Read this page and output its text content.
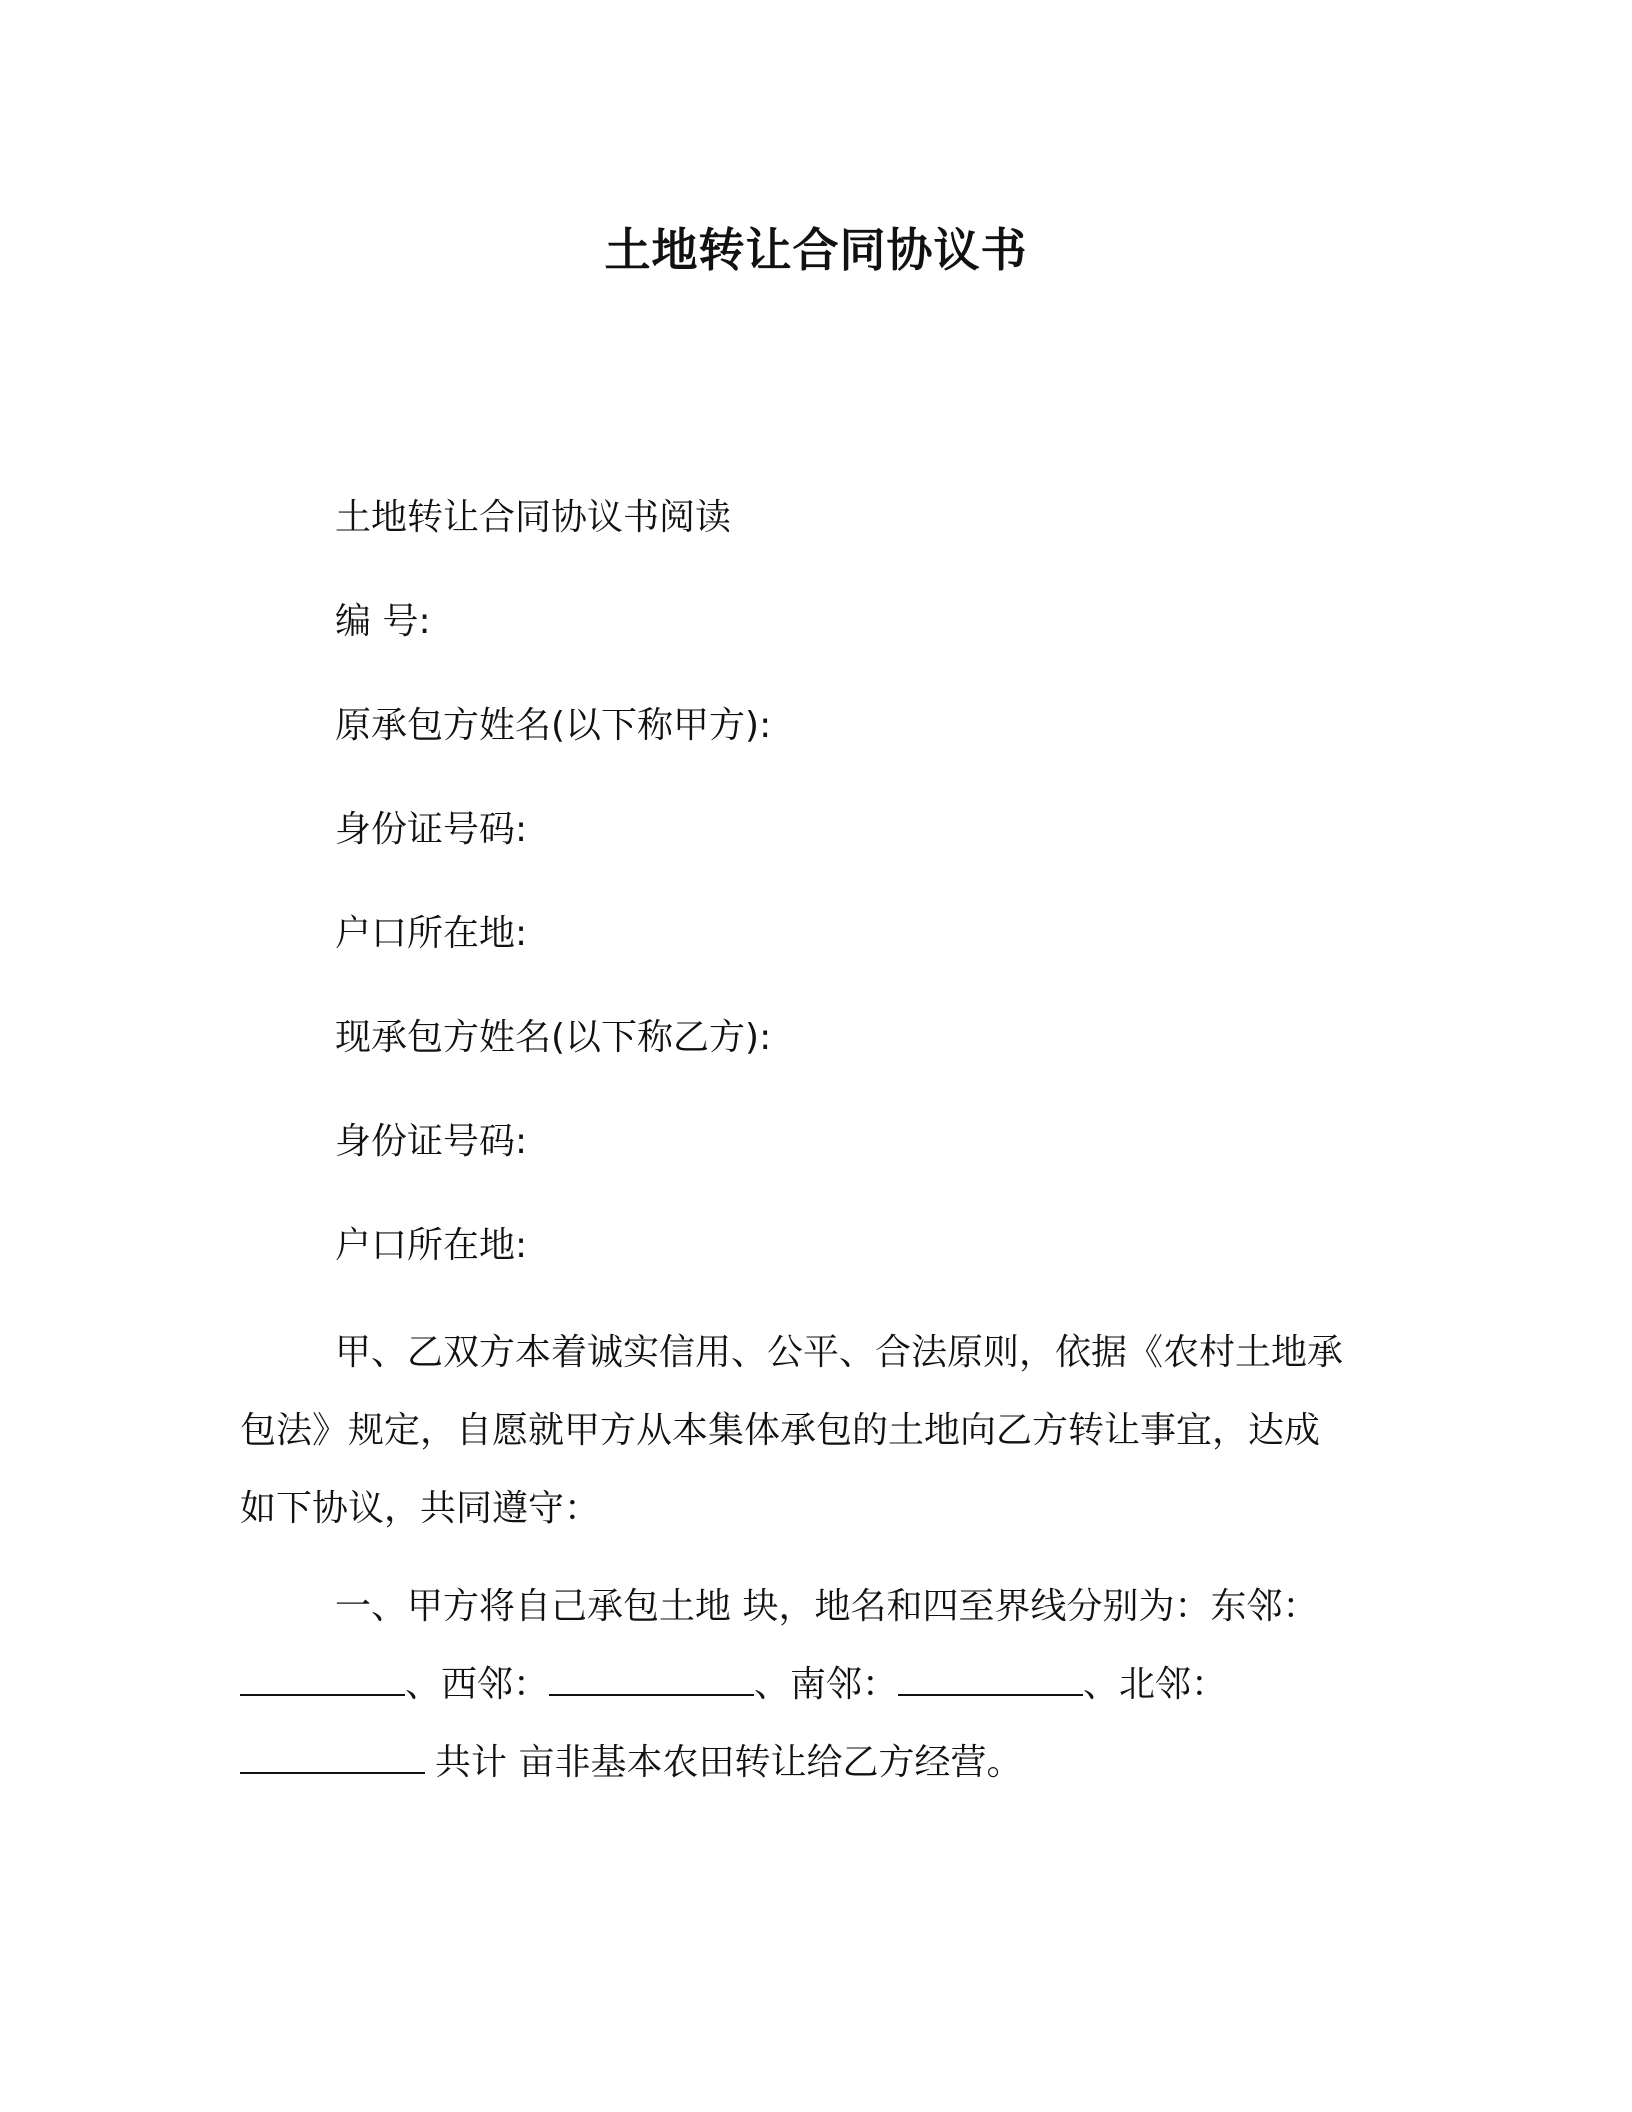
土地转让合同协议书
土地转让合同协议书阅读
编 号:
原承包方姓名(以下称甲方):
身份证号码:
户口所在地:
现承包方姓名(以下称乙方):
身份证号码:
户口所在地:
甲、乙双方本着诚实信用、公平、合法原则，依据《农村土地承
包法》规定，自愿就甲方从本集体承包的土地向乙方转让事宜，达成
如下协议，共同遵守：
一、甲方将自己承包土地 块，地名和四至界线分别为：东邻：
、西邻：	、南邻：	、北邻：
共计 亩非基本农田转让给乙方经营。
